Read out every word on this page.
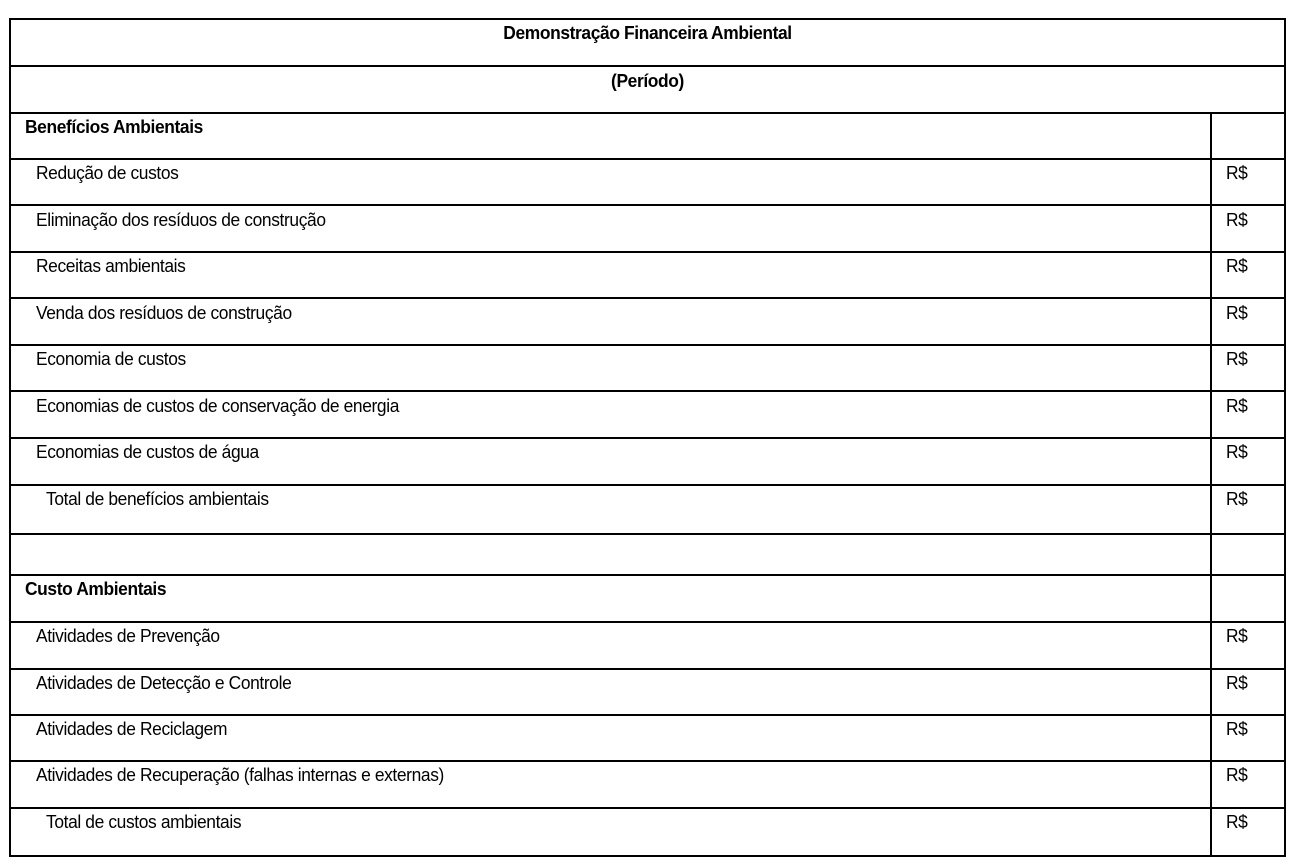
Demonstração Financeira Ambiental
(Período)
Benefícios Ambientais
Redução de custos	R$
Eliminação dos resíduos de construção	R$
Receitas ambientais	R$
Venda dos resíduos de construção	R$
Economia de custos	R$
Economias de custos de conservação de energia	R$
Economias de custos de água	R$
Total de benefícios ambientais	R$
Custo Ambientais
Atividades de Prevenção	R$
Atividades de Detecção e Controle	R$
Atividades de Reciclagem	R$
Atividades de Recuperação (falhas internas e externas)	R$
Total de custos ambientais	R$
